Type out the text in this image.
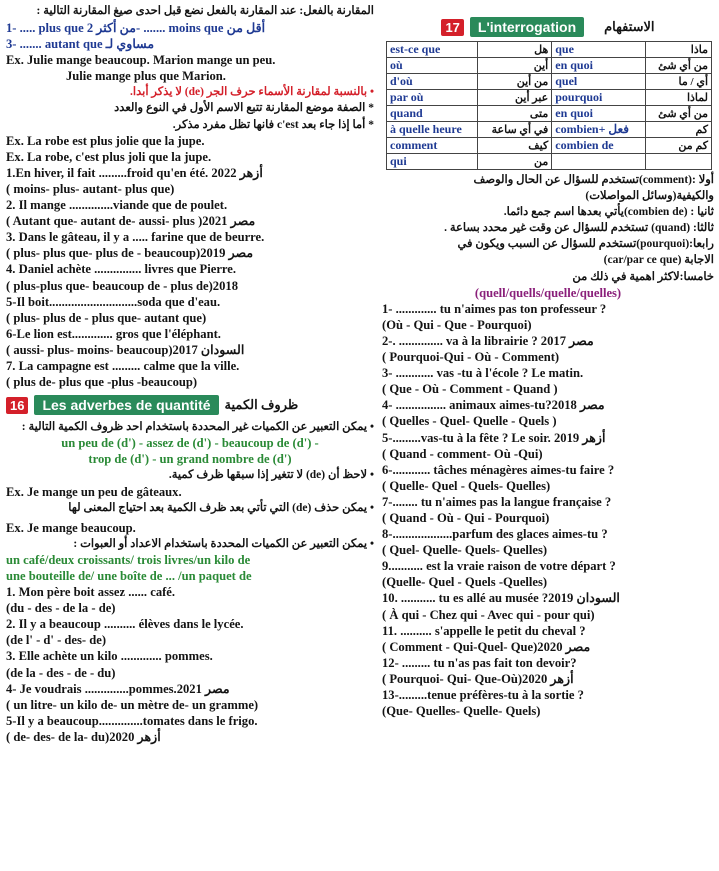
المقارنة بالفعل: عند المقارنة بالفعل نضع قبل احدى صيغ المقارنة التالية :
1- ..... plus que من أكثر 2- ....... moins que أقل من
3- ....... autant que مساوي لـ
Ex. Julie mange beaucoup. Marion mange un peu.
Julie mange plus que Marion.
• بالنسبة لمقارنة الأسماء حرف الجر (de) لا يذكر أبدا.
* الصفة موضع المقارنة تتبع الاسم الأول في النوع والعدد
* أما إذا جاء بعد c'est فانها تظل مفرد مذكر.
Ex. La robe est plus jolie que la jupe.
Ex. La robe, c'est plus joli que la jupe.
1.En hiver, il fait .........froid qu'en été. 2022 أزهر
( moins- plus- autant- plus que)
2. Il mange ..............viande que de poulet.
( Autant que- autant de- aussi- plus )2021 مصر
3. Dans le gâteau, il y a ..... farine que de beurre.
( plus- plus que- plus de - beaucoup)2019 مصر
4. Daniel achète ............... livres que Pierre.
( plus-plus que- beaucoup de - plus de)2018
5-Il boit............................soda que d'eau.
( plus- plus de - plus que- autant que)
6-Le lion est............. gros que l'éléphant.
( aussi- plus- moins- beaucoup)2017 السودان
7. La campagne est ......... calme que la ville.
( plus de- plus que -plus -beaucoup)
16	Les adverbes de quantité	ظروف الكمية
• يمكن التعبير عن الكميات غير المحددة باستخدام احد ظروف الكمية التالية :
un peu de (d') - assez de (d') - beaucoup de (d') -
trop de (d') - un grand nombre de (d')
• لاحظ أن (de) لا تتغير إذا سبقها ظرف كمية.
Ex. Je mange un peu de gâteaux.
• يمكن حذف (de) التي تأتي بعد ظرف الكمية بعد احتياج المعنى لها
Ex. Je mange beaucoup.
• يمكن التعبير عن الكميات المحددة باستخدام الاعداد أو العبوات :
un café/deux croissants/ trois livres/un kilo de
une bouteille de/ une boîte de ... /un paquet de
1. Mon père boit assez ...... café.
(du - des - de la - de)
2. Il y a beaucoup .......... élèves dans le lycée.
(de l' - d' - des- de)
3. Elle achète un kilo ............. pommes.
(de la - des - de - du)
4- Je voudrais ..............pommes.2021 مصر
( un litre- un kilo de- un mètre de- un gramme)
5-Il y a beaucoup..............tomates dans le frigo.
( de- des- de la- du)2020 أزهر
17	L'interrogation	الاستفهام
est-ce que	هل	que	ماذا
où	أين	en quoi	من أي شئ
d'où	من أين	quel	أي / ما
par où	عبر أين	pourquoi	لماذا
quand	متى	en quoi	من أي شئ
à quelle heure	في أي ساعة	combien+ فعل	كم
comment	كيف	combien de	كم من
qui	من		
أولا :(comment)تستخدم للسؤال عن الحال والوصف
والكيفية(وسائل المواصلات)
ثانيا : (combien de)يأتي بعدها اسم جمع دائما.
ثالثا: (quand) تستخدم للسؤال عن وقت غير محدد بساعة .
رابعا:(pourquoi)تستخدم للسؤال عن السبب ويكون في
الاجابة (car/par ce que)
خامسا:لاكثر اهمية في ذلك من
(quell/quells/quelle/quelles)
1- ............. tu n'aimes pas ton professeur ?
(Où - Qui - Que - Pourquoi)
2-. .............. va à la librairie ? 2017 مصر
( Pourquoi-Qui - Où - Comment)
3- ............ vas -tu à l'école ? Le matin.
( Que - Où - Comment - Quand )
4- ................ animaux aimes-tu?2018 مصر
( Quelles - Quel- Quelle - Quels )
5-.........vas-tu à la fête ? Le soir. 2019 أزهر
( Quand - comment- Où -Qui)
6-............ tâches ménagères aimes-tu faire ?
( Quelle- Quel - Quels- Quelles)
7-........ tu n'aimes pas la langue française ?
( Quand - Où - Qui - Pourquoi)
8-...................parfum des glaces aimes-tu ?
( Quel- Quelle- Quels- Quelles)
9........... est la vraie raison de votre départ ?
(Quelle- Quel - Quels -Quelles)
10. ........... tu es allé au musée ?2019 السودان
( À qui - Chez qui - Avec qui - pour qui)
11. .......... s'appelle le petit du cheval ?
( Comment - Qui-Quel- Que)2020 مصر
12- ......... tu n'as pas fait ton devoir?
( Pourquoi- Qui- Que-Où)2020 أزهر
13-.........tenue préfères-tu à la sortie ?
(Que- Quelles- Quelle- Quels)
